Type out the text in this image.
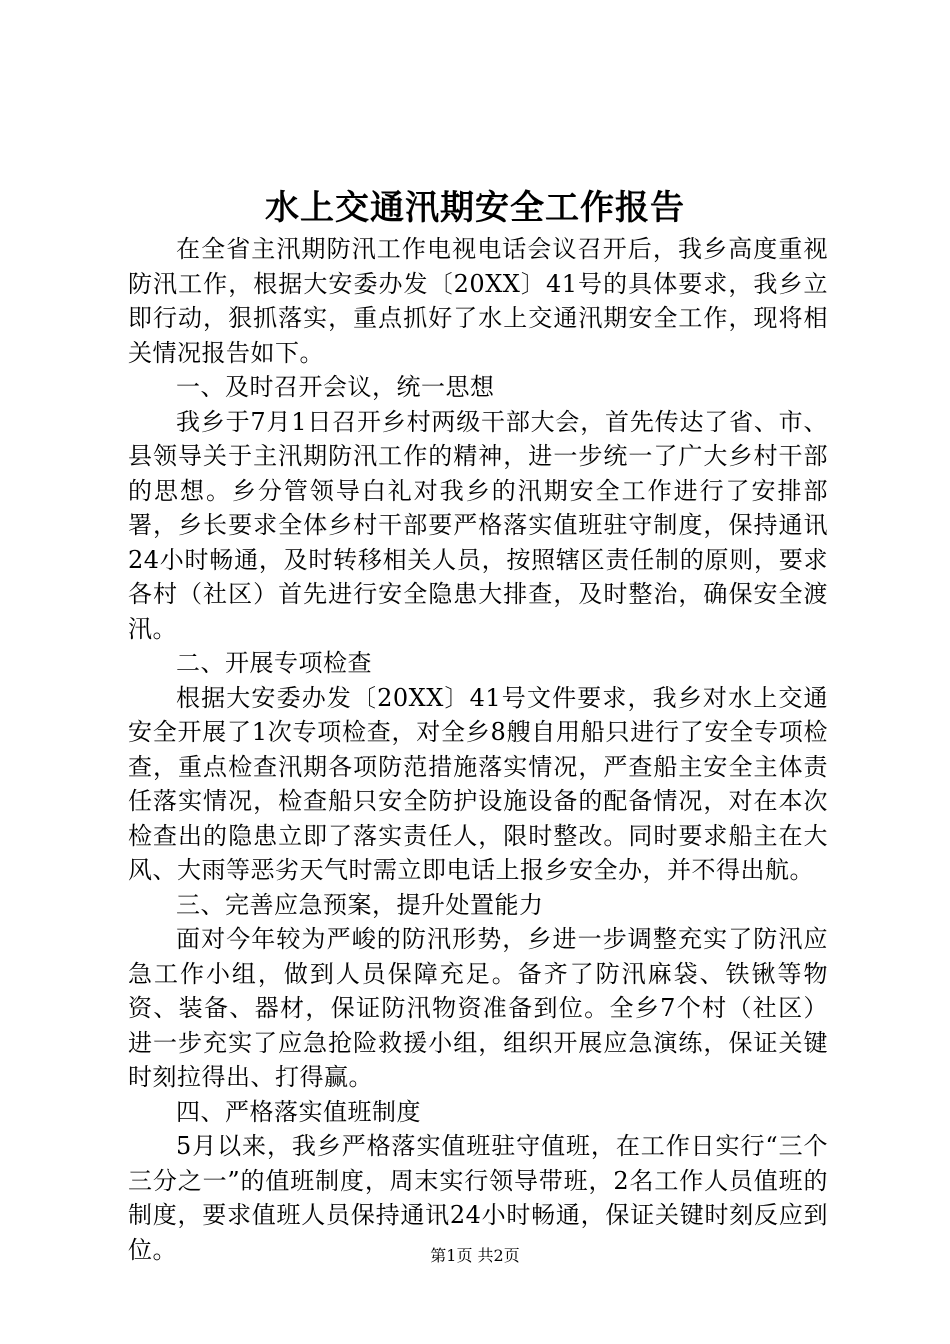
水上交通汛期安全工作报告

在全省主汛期防汛工作电视电话会议召开后，我乡高度重视防汛工作，根据大安委办发〔20XX〕41号的具体要求，我乡立即行动，狠抓落实，重点抓好了水上交通汛期安全工作，现将相关情况报告如下。

一、及时召开会议，统一思想

我乡于7月1日召开乡村两级干部大会，首先传达了省、市、县领导关于主汛期防汛工作的精神，进一步统一了广大乡村干部的思想。乡分管领导白礼对我乡的汛期安全工作进行了安排部署，乡长要求全体乡村干部要严格落实值班驻守制度，保持通讯24小时畅通，及时转移相关人员，按照辖区责任制的原则，要求各村（社区）首先进行安全隐患大排查，及时整治，确保安全渡汛。

二、开展专项检查

根据大安委办发〔20XX〕41号文件要求，我乡对水上交通安全开展了1次专项检查，对全乡8艘自用船只进行了安全专项检查，重点检查汛期各项防范措施落实情况，严查船主安全主体责任落实情况，检查船只安全防护设施设备的配备情况，对在本次检查出的隐患立即了落实责任人，限时整改。同时要求船主在大风、大雨等恶劣天气时需立即电话上报乡安全办，并不得出航。

三、完善应急预案，提升处置能力

面对今年较为严峻的防汛形势，乡进一步调整充实了防汛应急工作小组，做到人员保障充足。备齐了防汛麻袋、铁锹等物资、装备、器材，保证防汛物资准备到位。全乡7个村（社区）进一步充实了应急抢险救援小组，组织开展应急演练，保证关键时刻拉得出、打得赢。

四、严格落实值班制度

5月以来，我乡严格落实值班驻守值班，在工作日实行“三个三分之一”的值班制度，周末实行领导带班，2名工作人员值班的制度，要求值班人员保持通讯24小时畅通，保证关键时刻反应到位。	第1页 共2页
